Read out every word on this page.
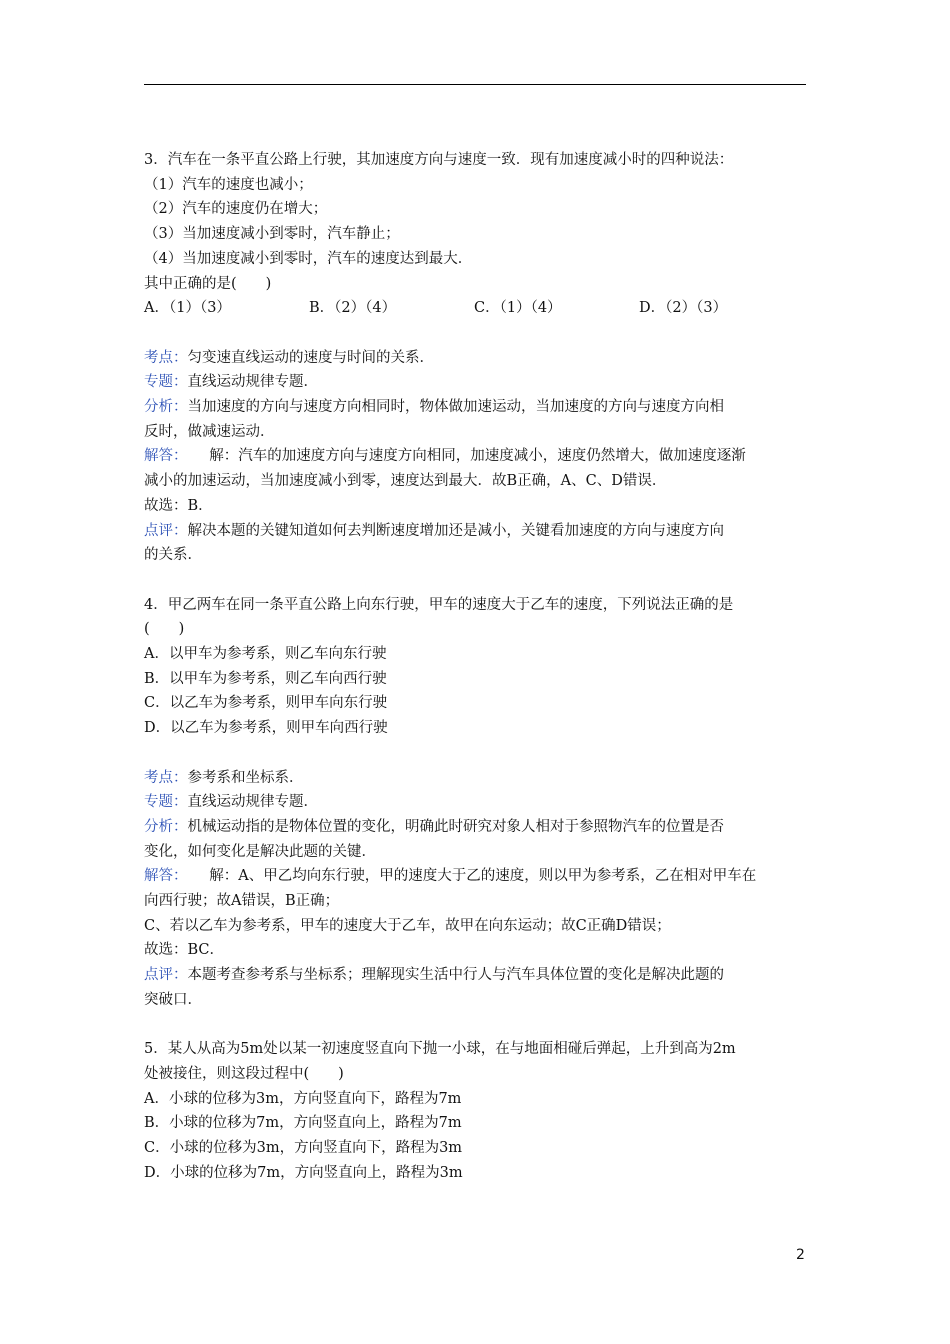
3．汽车在一条平直公路上行驶，其加速度方向与速度一致．现有加速度减小时的四种说法：
（1）汽车的速度也减小；
（2）汽车的速度仍在增大；
（3）当加速度减小到零时，汽车静止；
（4）当加速度减小到零时，汽车的速度达到最大．
其中正确的是(　　)
A．（1）（3）	B．（2）（4）	C．（1）（4）	D．（2）（3）
考点：匀变速直线运动的速度与时间的关系．
专题：直线运动规律专题．
分析：当加速度的方向与速度方向相同时，物体做加速运动，当加速度的方向与速度方向相
反时，做减速运动．
解答：　　解：汽车的加速度方向与速度方向相同，加速度减小，速度仍然增大，做加速度逐渐
减小的加速运动，当加速度减小到零，速度达到最大．故B正确，A、C、D错误．
故选：B．
点评：解决本题的关键知道如何去判断速度增加还是减小，关键看加速度的方向与速度方向
的关系．
4．甲乙两车在同一条平直公路上向东行驶，甲车的速度大于乙车的速度，下列说法正确的是
(　　)
A．以甲车为参考系，则乙车向东行驶
B．以甲车为参考系，则乙车向西行驶
C．以乙车为参考系，则甲车向东行驶
D．以乙车为参考系，则甲车向西行驶
考点：参考系和坐标系．
专题：直线运动规律专题．
分析：机械运动指的是物体位置的变化，明确此时研究对象人相对于参照物汽车的位置是否
变化，如何变化是解决此题的关键．
解答：　　解：A、甲乙均向东行驶，甲的速度大于乙的速度，则以甲为参考系，乙在相对甲车在
向西行驶；故A错误，B正确；
C、若以乙车为参考系，甲车的速度大于乙车，故甲在向东运动；故C正确D错误；
故选：BC．
点评：本题考查参考系与坐标系；理解现实生活中行人与汽车具体位置的变化是解决此题的
突破口．
5．某人从高为5m处以某一初速度竖直向下抛一小球，在与地面相碰后弹起，上升到高为2m
处被接住，则这段过程中(　　)
A．小球的位移为3m，方向竖直向下，路程为7m
B．小球的位移为7m，方向竖直向上，路程为7m
C．小球的位移为3m，方向竖直向下，路程为3m
D．小球的位移为7m，方向竖直向上，路程为3m
2
